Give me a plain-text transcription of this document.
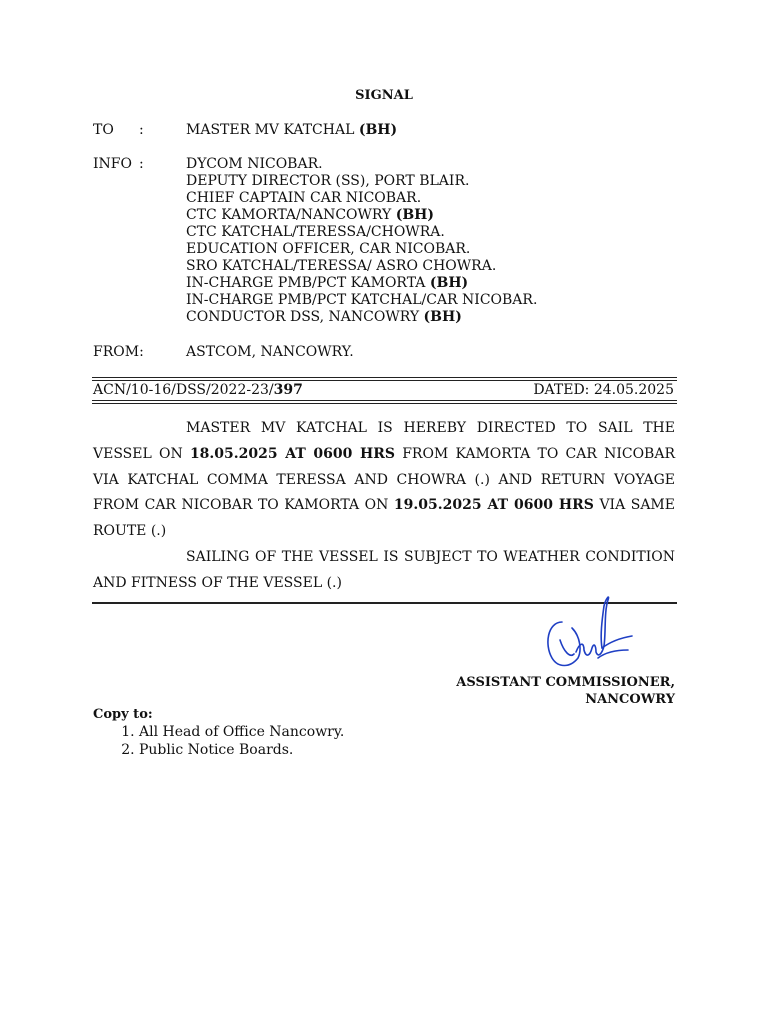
SIGNAL
TO :	MASTER MV KATCHAL (BH)
INFO :	DYCOM NICOBAR.
DEPUTY DIRECTOR (SS), PORT BLAIR.
CHIEF CAPTAIN CAR NICOBAR.
CTC KAMORTA/NANCOWRY (BH)
CTC KATCHAL/TERESSA/CHOWRA.
EDUCATION OFFICER, CAR NICOBAR.
SRO KATCHAL/TERESSA/ ASRO CHOWRA.
IN-CHARGE PMB/PCT KAMORTA (BH)
IN-CHARGE PMB/PCT KATCHAL/CAR NICOBAR.
CONDUCTOR DSS, NANCOWRY (BH)
FROM:	ASTCOM, NANCOWRY.
ACN/10-16/DSS/2022-23/397	DATED: 24.05.2025
MASTER MV KATCHAL IS HEREBY DIRECTED TO SAIL THE VESSEL ON 18.05.2025 AT 0600 HRS FROM KAMORTA TO CAR NICOBAR VIA KATCHAL COMMA TERESSA AND CHOWRA (.) AND RETURN VOYAGE FROM CAR NICOBAR TO KAMORTA ON 19.05.2025 AT 0600 HRS VIA SAME ROUTE (.)
SAILING OF THE VESSEL IS SUBJECT TO WEATHER CONDITION AND FITNESS OF THE VESSEL (.)
ASSISTANT COMMISSIONER,
NANCOWRY
Copy to:
1. All Head of Office Nancowry.
2. Public Notice Boards.
